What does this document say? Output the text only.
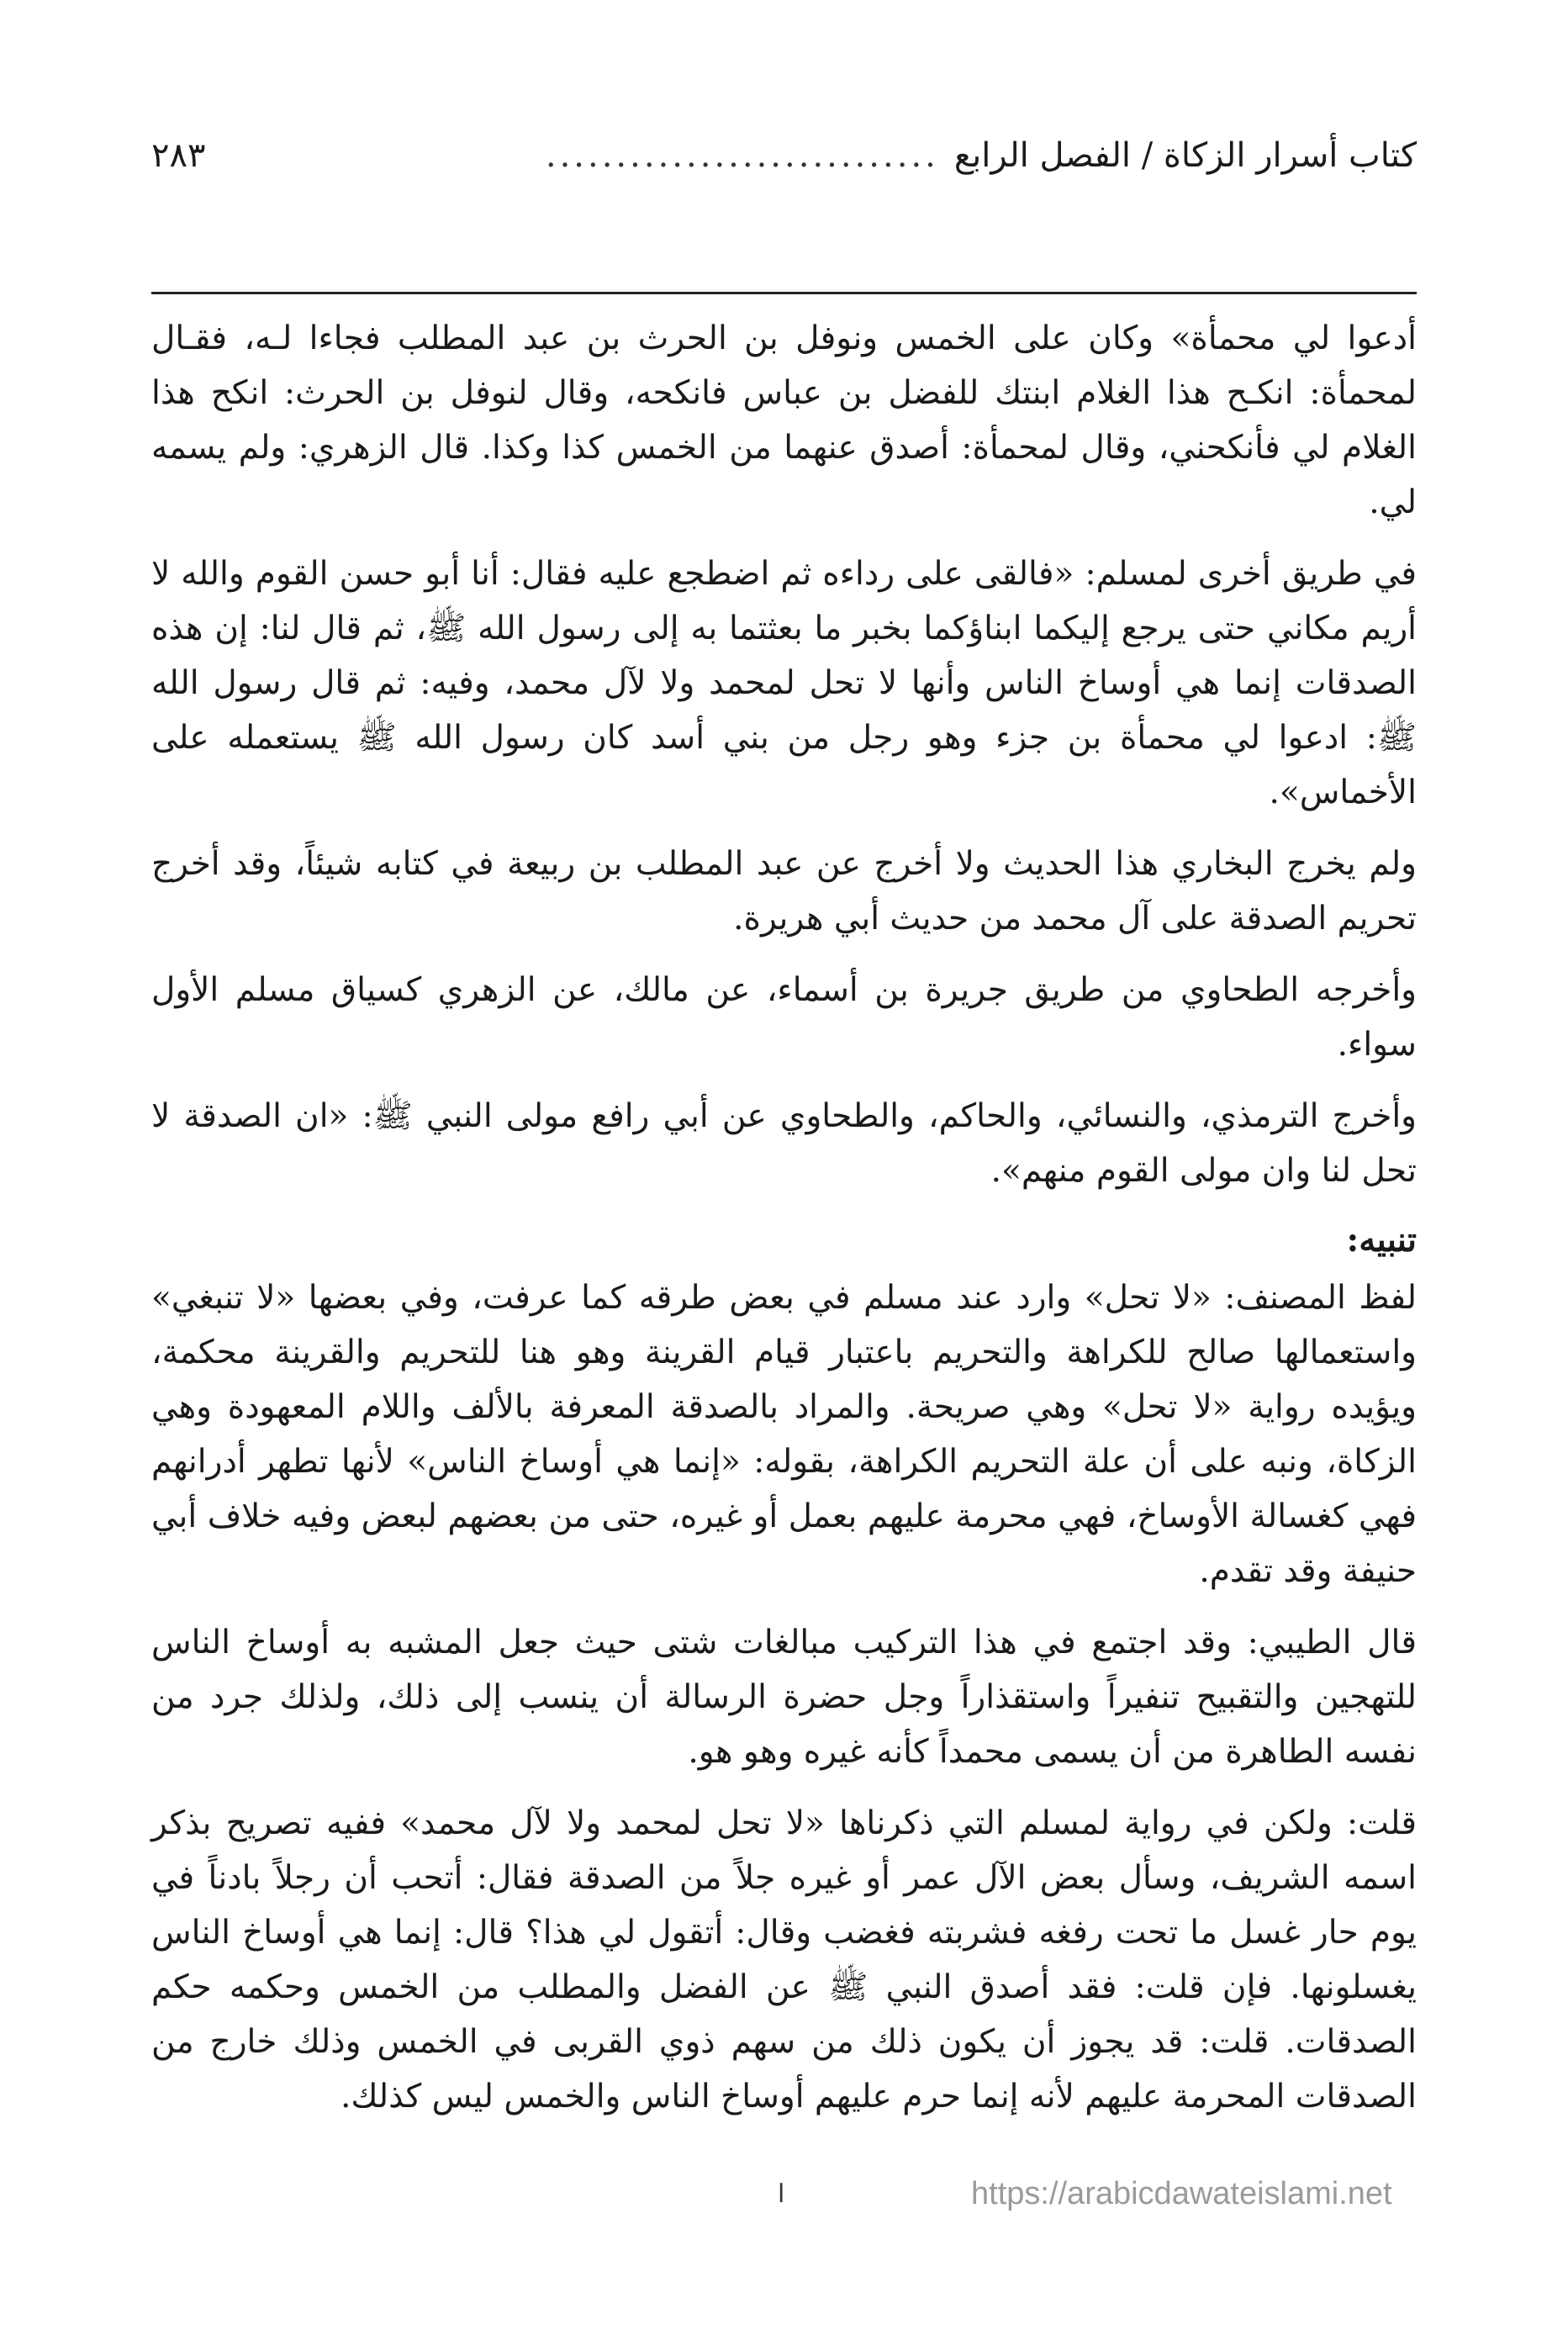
كتاب أسرار الزكاة / الفصل الرابع
............................
٢٨٣

أدعوا لي محمأة» وكان على الخمس ونوفل بن الحرث بن عبد المطلب فجاءا لـه، فقـال لمحمأة: انكـح هذا الغلام ابنتك للفضل بن عباس فانكحه، وقال لنوفل بن الحرث: انكح هذا الغلام لي فأنكحني، وقال لمحمأة: أصدق عنهما من الخمس كذا وكذا. قال الزهري: ولم يسمه لي.

في طريق أخرى لمسلم: «فالقى على رداءه ثم اضطجع عليه فقال: أنا أبو حسن القوم والله لا أريم مكاني حتى يرجع إليكما ابناؤكما بخبر ما بعثتما به إلى رسول الله ﷺ، ثم قال لنا: إن هذه الصدقات إنما هي أوساخ الناس وأنها لا تحل لمحمد ولا لآل محمد، وفيه: ثم قال رسول الله ﷺ: ادعوا لي محمأة بن جزء وهو رجل من بني أسد كان رسول الله ﷺ يستعمله على الأخماس».

ولم يخرج البخاري هذا الحديث ولا أخرج عن عبد المطلب بن ربيعة في كتابه شيئاً، وقد أخرج تحريم الصدقة على آل محمد من حديث أبي هريرة.

وأخرجه الطحاوي من طريق جريرة بن أسماء، عن مالك، عن الزهري كسياق مسلم الأول سواء.

وأخرج الترمذي، والنسائي، والحاكم، والطحاوي عن أبي رافع مولى النبي ﷺ: «ان الصدقة لا تحل لنا وان مولى القوم منهم».

تنبيه:

لفظ المصنف: «لا تحل» وارد عند مسلم في بعض طرقه كما عرفت، وفي بعضها «لا تنبغي» واستعمالها صالح للكراهة والتحريم باعتبار قيام القرينة وهو هنا للتحريم والقرينة محكمة، ويؤيده رواية «لا تحل» وهي صريحة. والمراد بالصدقة المعرفة بالألف واللام المعهودة وهي الزكاة، ونبه على أن علة التحريم الكراهة، بقوله: «إنما هي أوساخ الناس» لأنها تطهر أدرانهم فهي كغسالة الأوساخ، فهي محرمة عليهم بعمل أو غيره، حتى من بعضهم لبعض وفيه خلاف أبي حنيفة وقد تقدم.

قال الطيبي: وقد اجتمع في هذا التركيب مبالغات شتى حيث جعل المشبه به أوساخ الناس للتهجين والتقبيح تنفيراً واستقذاراً وجل حضرة الرسالة أن ينسب إلى ذلك، ولذلك جرد من نفسه الطاهرة من أن يسمى محمداً كأنه غيره وهو هو.

قلت: ولكن في رواية لمسلم التي ذكرناها «لا تحل لمحمد ولا لآل محمد» ففيه تصريح بذكر اسمه الشريف، وسأل بعض الآل عمر أو غيره جلاً من الصدقة فقال: أتحب أن رجلاً بادناً في يوم حار غسل ما تحت رفغه فشربته فغضب وقال: أتقول لي هذا؟ قال: إنما هي أوساخ الناس يغسلونها. فإن قلت: فقد أصدق النبي ﷺ عن الفضل والمطلب من الخمس وحكمه حكم الصدقات. قلت: قد يجوز أن يكون ذلك من سهم ذوي القربى في الخمس وذلك خارج من الصدقات المحرمة عليهم لأنه إنما حرم عليهم أوساخ الناس والخمس ليس كذلك.

ا	https://arabicdawateislami.net
